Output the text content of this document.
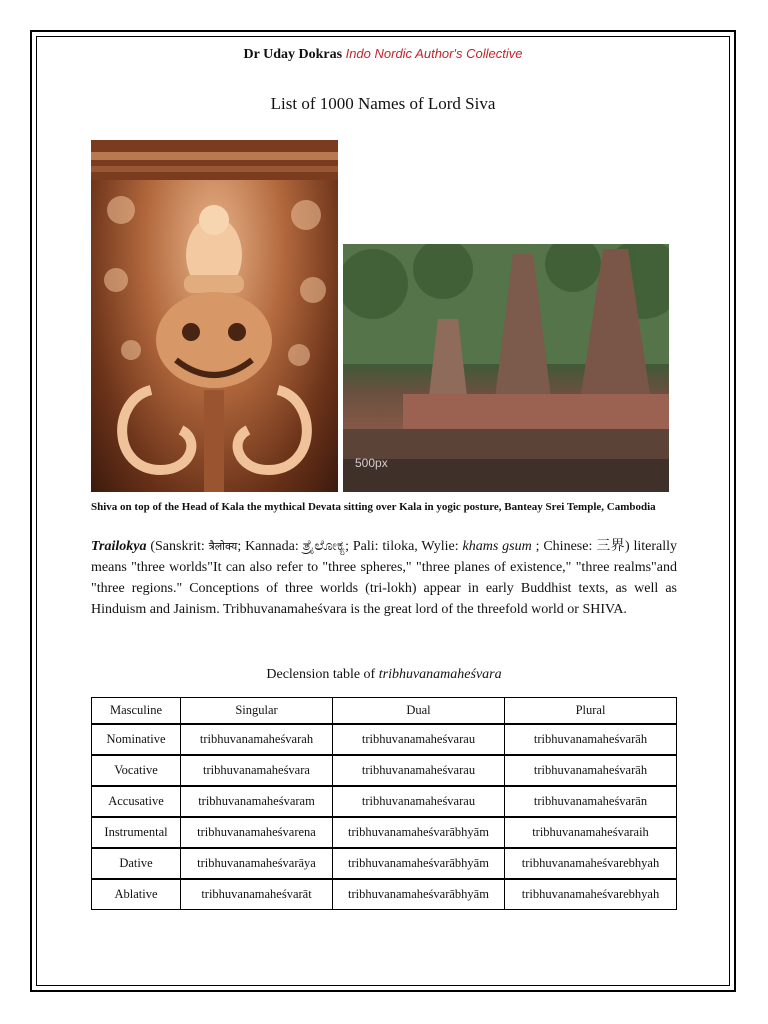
Dr Uday Dokras Indo Nordic Author's Collective
List of 1000 Names of Lord Siva
500px
Shiva on top of the Head of Kala the mythical Devata sitting over Kala in yogic posture, Banteay Srei Temple, Cambodia
Trailokya (Sanskrit: त्रैलोक्य; Kannada: ತ್ರೈಲೋಕ್ಯ; Pali: tiloka, Wylie: khams gsum ; Chinese: 三界) literally means "three worlds"It can also refer to "three spheres," "three planes of existence," "three realms"and "three regions." Conceptions of three worlds (tri-lokh) appear in early Buddhist texts, as well as Hinduism and Jainism. Tribhuvanamaheśvara is the great lord of the threefold world or SHIVA.
Declension table of tribhuvanamaheśvara
Masculine	Singular	Dual	Plural
Nominative	tribhuvanamaheśvarah	tribhuvanamaheśvarau	tribhuvanamaheśvarāh
Vocative	tribhuvanamaheśvara	tribhuvanamaheśvarau	tribhuvanamaheśvarāh
Accusative	tribhuvanamaheśvaram	tribhuvanamaheśvarau	tribhuvanamaheśvarān
Instrumental	tribhuvanamaheśvarena	tribhuvanamaheśvarābhyām	tribhuvanamaheśvaraih
Dative	tribhuvanamaheśvarāya	tribhuvanamaheśvarābhyām	tribhuvanamaheśvarebhyah
Ablative	tribhuvanamaheśvarāt	tribhuvanamaheśvarābhyām	tribhuvanamaheśvarebhyah
